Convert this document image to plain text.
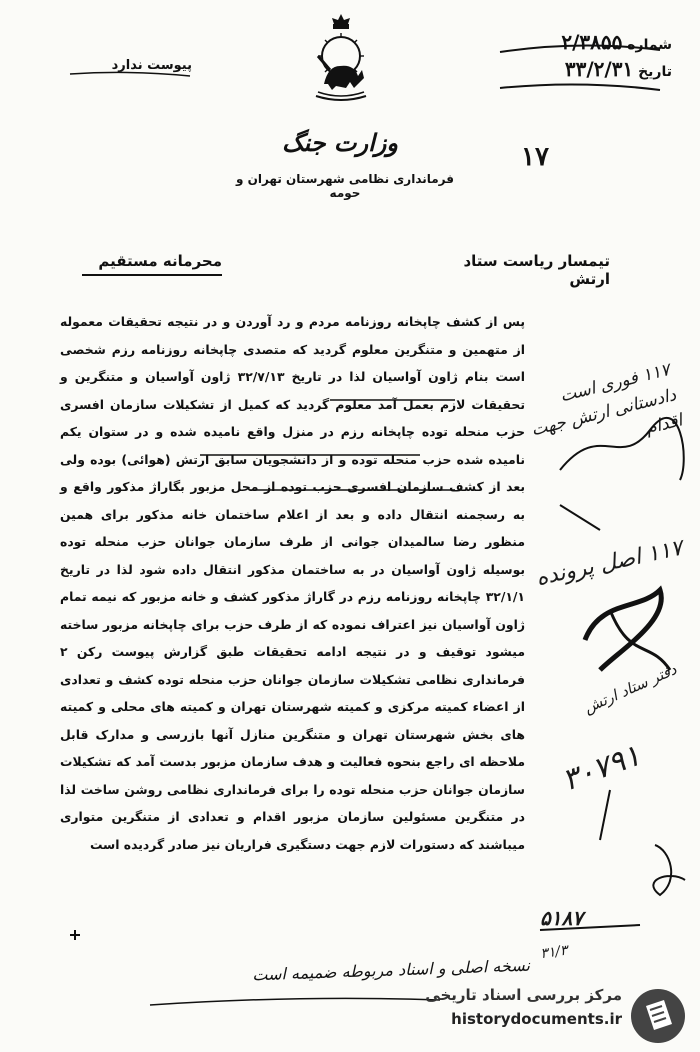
شماره ۲/۳۸۵۵
تاریخ ۳۳/۲/۳۱
پیوست ندارد
وزارت جنگ
فرمانداری نظامی شهرستان تهران و حومه
۱۷
تیمسار ریاست ستاد ارتش
محرمانه مستقیم

پس از کشف چاپخانه روزنامه مردم و رد آوردن و در نتیجه تحقیقات معموله از متهمین و متنگرین معلوم گردید که متصدی چاپخانه روزنامه رزم شخصی است بنام ژاون آواسیان لذا در تاریخ ۳۲/۷/۱۳ ژاون آواسیان و متنگرین و تحقیقات لازم بعمل آمد معلوم گردید که کمیل از تشکیلات سازمان افسری حزب منحله توده چاپخانه رزم در منزل واقع نامیده شده و در ستوان یکم نامیده شده حزب منحله توده و از دانشجویان سابق ارتش (هوائی) بوده ولی بعد از کشف سازمان افسری حزب توده از محل مزبور بگاراژ مذکور واقع و به رسجمنه انتقال داده و بعد از اعلام ساختمان خانه مذکور برای همین منظور رضا سالمیدان جوانی از طرف سازمان جوانان حزب منحله توده بوسیله ژاون آواسیان در به ساختمان مذکور انتقال داده شود لذا در تاریخ ۳۲/۱/۱ چاپخانه روزنامه رزم در گاراژ مذکور کشف و خانه مزبور که نیمه تمام ژاون آواسیان نیز اعتراف نموده که از طرف حزب برای چاپخانه مزبور ساخته میشود توقیف و در نتیجه ادامه تحقیقات طبق گزارش پیوست رکن ۲ فرمانداری نظامی تشکیلات سازمان جوانان حزب منحله توده کشف و تعدادی از اعضاء کمیته مرکزی و کمیته شهرستان تهران و کمیته های محلی و کمیته های بخش شهرستان تهران و متنگرین منازل آنها بازرسی و مدارک قابل ملاحظه ای راجع بنحوه فعالیت و هدف سازمان مزبور بدست آمد که تشکیلات سازمان جوانان حزب منحله توده را برای فرمانداری نظامی روشن ساخت لذا در متنگرین مسئولین سازمان مزبور اقدام و تعدادی از متنگرین متواری میباشند که دستورات لازم جهت دستگیری فراریان نیز صادر گردیده است

۱۱۷ فوری است دادستانی ارتش جهت اقدام
۱۱۷ اصل پرونده
دفتر ستاد ارتش
۳۰۷۹۱
۵۱۸۷
۳۱/۳
نسخه اصلی و اسناد مربوطه ضمیمه است
مرکز بررسی اسناد تاریخی
historydocuments.ir
